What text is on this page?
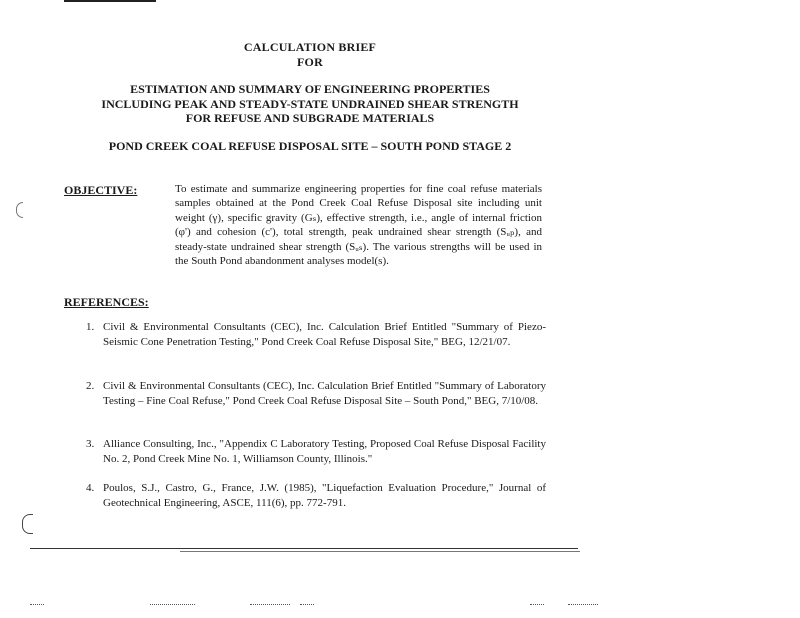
CALCULATION BRIEF
FOR
ESTIMATION AND SUMMARY OF ENGINEERING PROPERTIES
INCLUDING PEAK AND STEADY-STATE UNDRAINED SHEAR STRENGTH
FOR REFUSE AND SUBGRADE MATERIALS
POND CREEK COAL REFUSE DISPOSAL SITE – SOUTH POND STAGE 2
OBJECTIVE:	To estimate and summarize engineering properties for fine coal refuse materials samples obtained at the Pond Creek Coal Refuse Disposal site including unit weight (γ), specific gravity (Gₛ), effective strength, i.e., angle of internal friction (φ') and cohesion (c'), total strength, peak undrained shear strength (Sᵤₚ), and steady-state undrained shear strength (Sᵤₛ). The various strengths will be used in the South Pond abandonment analyses model(s).
REFERENCES:
1. Civil & Environmental Consultants (CEC), Inc. Calculation Brief Entitled "Summary of Piezo-Seismic Cone Penetration Testing," Pond Creek Coal Refuse Disposal Site," BEG, 12/21/07.
2. Civil & Environmental Consultants (CEC), Inc. Calculation Brief Entitled "Summary of Laboratory Testing – Fine Coal Refuse," Pond Creek Coal Refuse Disposal Site – South Pond," BEG, 7/10/08.
3. Alliance Consulting, Inc., "Appendix C Laboratory Testing, Proposed Coal Refuse Disposal Facility No. 2, Pond Creek Mine No. 1, Williamson County, Illinois."
4. Poulos, S.J., Castro, G., France, J.W. (1985), "Liquefaction Evaluation Procedure," Journal of Geotechnical Engineering, ASCE, 111(6), pp. 772-791.
